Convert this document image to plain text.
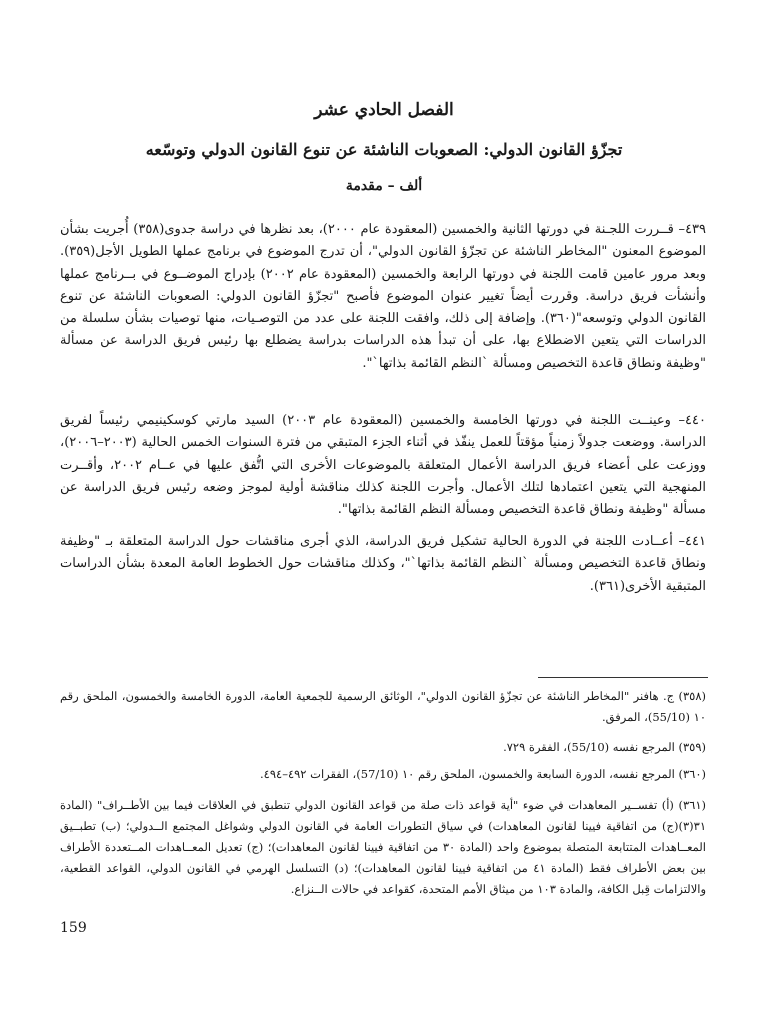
الفصل الحادي عشر
تجزّؤ القانون الدولي: الصعوبات الناشئة عن تنوع القانون الدولي وتوسّعه
ألف – مقدمة

٤٣٩– قــررت اللجـنة في دورتها الثانية والخمسين (المعقودة عام ٢٠٠٠)، بعد نظرها في دراسة جدوى(٣٥٨) أُجريت بشأن الموضوع المعنون "المخاطر الناشئة عن تجزّؤ القانون الدولي"، أن تدرج الموضوع في برنامج عملها الطويل الأجل(٣٥٩). وبعد مرور عامين قامت اللجنة في دورتها الرابعة والخمسين (المعقودة عام ٢٠٠٢) بإدراج الموضــوع في بــرنامج عملها وأنشأت فريق دراسة. وقررت أيضاً تغيير عنوان الموضوع فأصبح "تجزّؤ القانون الدولي: الصعوبات الناشئة عن تنوع القانون الدولي وتوسعه"(٣٦٠). وإضافة إلى ذلك، وافقت اللجنة على عدد من التوصـيات، منها توصيات بشأن سلسلة من الدراسات التي يتعين الاضطلاع بها، على أن تبدأ هذه الدراسات بدراسة يضطلع بها رئيس فريق الدراسة عن مسألة "وظيفة ونطاق قاعدة التخصيص ومسألة `النظم القائمة بذاتها`".

٤٤٠– وعينــت اللجنة في دورتها الخامسة والخمسين (المعقودة عام ٢٠٠٣) السيد مارتي كوسكينيمي رئيساً لفريق الدراسة. ووضعت جدولاً زمنياً مؤقتاً للعمل ينفّذ في أثناء الجزء المتبقي من فترة السنوات الخمس الحالية (٢٠٠٣–٢٠٠٦)، ووزعت على أعضاء فريق الدراسة الأعمال المتعلقة بالموضوعات الأخرى التي اتُّفق عليها في عــام ٢٠٠٢، وأقــرت المنهجية التي يتعين اعتمادها لتلك الأعمال. وأجرت اللجنة كذلك مناقشة أولية لموجز وضعه رئيس فريق الدراسة عن مسألة "وظيفة ونطاق قاعدة التخصيص ومسألة النظم القائمة بذاتها".

٤٤١– أعــادت اللجنة في الدورة الحالية تشكيل فريق الدراسة، الذي أجرى مناقشات حول الدراسة المتعلقة بـ "وظيفة ونطاق قاعدة التخصيص ومسألة `النظم القائمة بذاتها`"، وكذلك مناقشات حول الخطوط العامة المعدة بشأن الدراسات المتبقية الأخرى(٣٦١).

(٣٥٨) ج. هافنر "المخاطر الناشئة عن تجزّؤ القانون الدولي"، الوثائق الرسمية للجمعية العامة، الدورة الخامسة والخمسون، الملحق رقم ١٠ (55/10)، المرفق.
(٣٥٩) المرجع نفسه (55/10)، الفقرة ٧٢٩.
(٣٦٠) المرجع نفسه، الدورة السابعة والخمسون، الملحق رقم ١٠ (57/10)، الفقرات ٤٩٢–٤٩٤.
(٣٦١) (أ) تفســير المعاهدات في ضوء "أية قواعد ذات صلة من قواعد القانون الدولي تنطبق في العلاقات فيما بين الأطــراف" (المادة ٣١(٣)(ج) من اتفاقية فيينا لقانون المعاهدات) في سياق التطورات العامة في القانون الدولي وشواغل المجتمع الــدولي؛ (ب) تطبــيق المعــاهدات المتتابعة المتصلة بموضوع واحد (المادة ٣٠ من اتفاقية فيينا لقانون المعاهدات)؛ (ج) تعديل المعــاهدات المــتعددة الأطراف بين بعض الأطراف فقط (المادة ٤١ من اتفاقية فيينا لقانون المعاهدات)؛ (د) التسلسل الهرمي في القانون الدولي، القواعد القطعية، والالتزامات قِبل الكافة، والمادة ١٠٣ من ميثاق الأمم المتحدة، كقواعد في حالات الــنزاع.
159
